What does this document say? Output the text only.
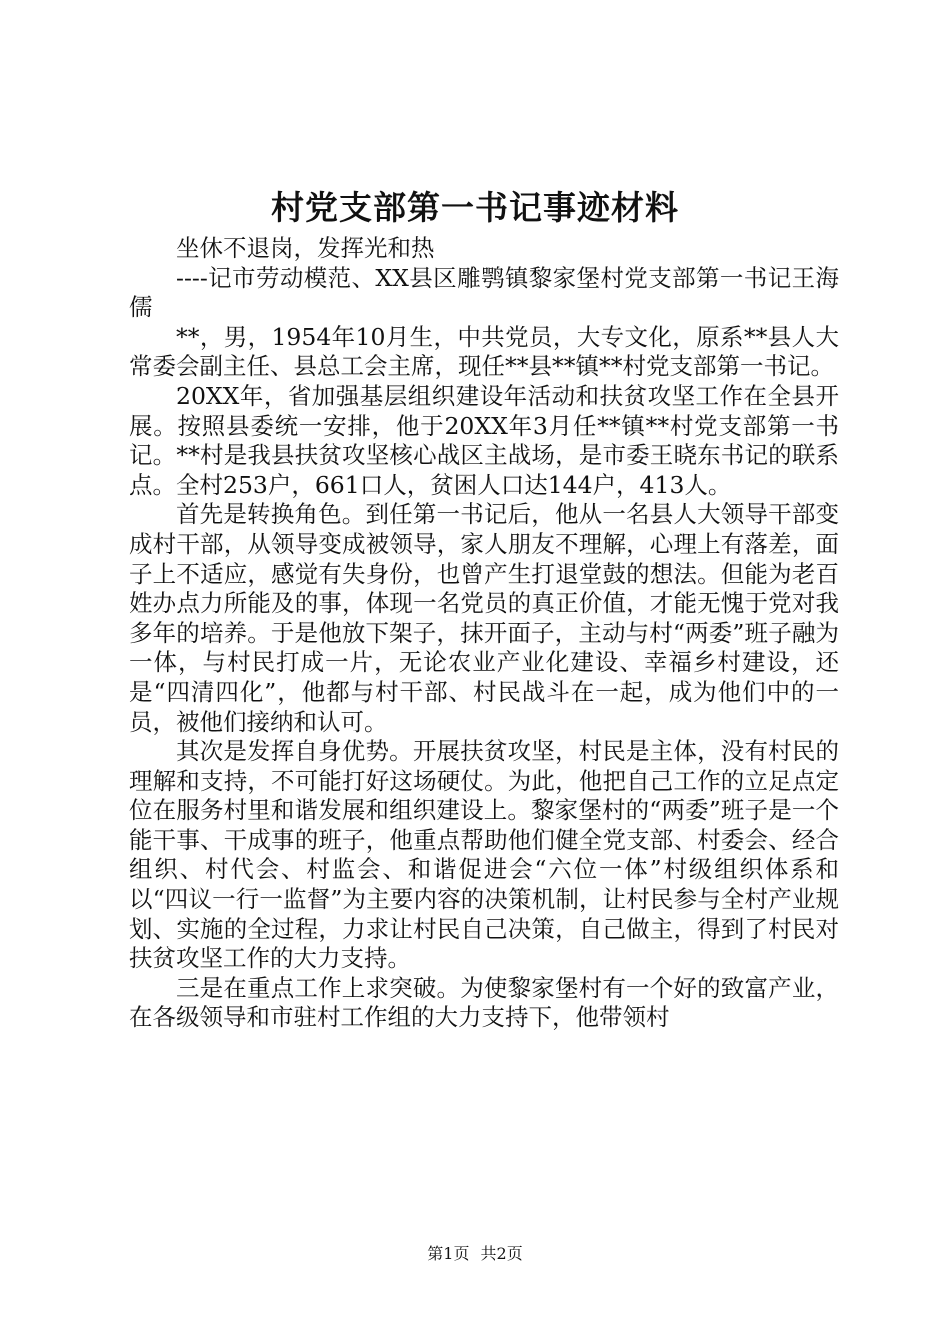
村党支部第一书记事迹材料

坐休不退岗，发挥光和热

----记市劳动模范、XX县区雕鹗镇黎家堡村党支部第一书记王海儒

**，男，1954年10月生，中共党员，大专文化，原系**县人大常委会副主任、县总工会主席，现任**县**镇**村党支部第一书记。

20XX年，省加强基层组织建设年活动和扶贫攻坚工作在全县开展。按照县委统一安排，他于20XX年3月任**镇**村党支部第一书记。**村是我县扶贫攻坚核心战区主战场，是市委王晓东书记的联系点。全村253户，661口人，贫困人口达144户，413人。

首先是转换角色。到任第一书记后，他从一名县人大领导干部变成村干部，从领导变成被领导，家人朋友不理解，心理上有落差，面子上不适应，感觉有失身份，也曾产生打退堂鼓的想法。但能为老百姓办点力所能及的事，体现一名党员的真正价值，才能无愧于党对我多年的培养。于是他放下架子，抹开面子，主动与村“两委”班子融为一体，与村民打成一片，无论农业产业化建设、幸福乡村建设，还是“四清四化”，他都与村干部、村民战斗在一起，成为他们中的一员，被他们接纳和认可。

其次是发挥自身优势。开展扶贫攻坚，村民是主体，没有村民的理解和支持，不可能打好这场硬仗。为此，他把自己工作的立足点定位在服务村里和谐发展和组织建设上。黎家堡村的“两委”班子是一个能干事、干成事的班子，他重点帮助他们健全党支部、村委会、经合组织、村代会、村监会、和谐促进会“六位一体”村级组织体系和以“四议一行一监督”为主要内容的决策机制，让村民参与全村产业规划、实施的全过程，力求让村民自己决策，自己做主，得到了村民对扶贫攻坚工作的大力支持。

三是在重点工作上求突破。为使黎家堡村有一个好的致富产业，在各级领导和市驻村工作组的大力支持下，他带领村

第1页 共2页
